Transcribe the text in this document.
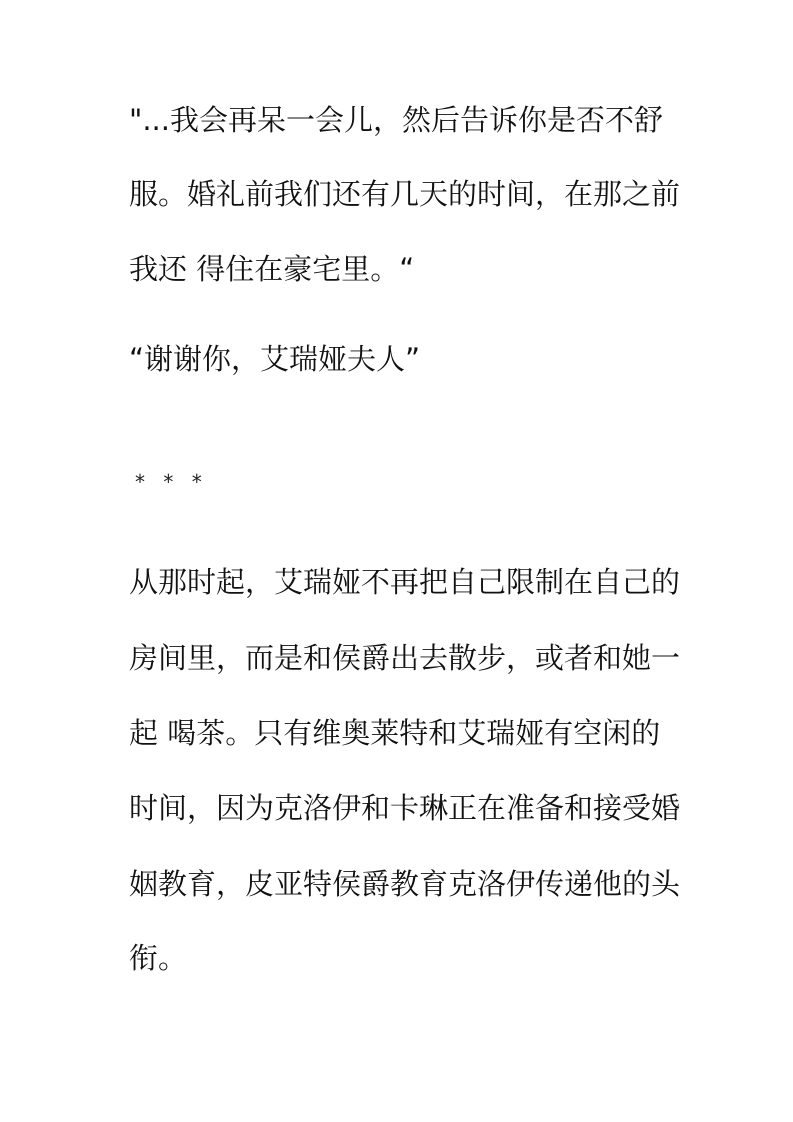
"...我会再呆一会儿，然后告诉你是否不舒
服。婚礼前我们还有几天的时间，在那之前
我还 得住在豪宅里。“
“谢谢你，艾瑞娅夫人”
* * *
从那时起，艾瑞娅不再把自己限制在自己的
房间里，而是和侯爵出去散步，或者和她一
起 喝茶。只有维奥莱特和艾瑞娅有空闲的
时间，因为克洛伊和卡琳正在准备和接受婚
姻教育，皮亚特侯爵教育克洛伊传递他的头
衔。
